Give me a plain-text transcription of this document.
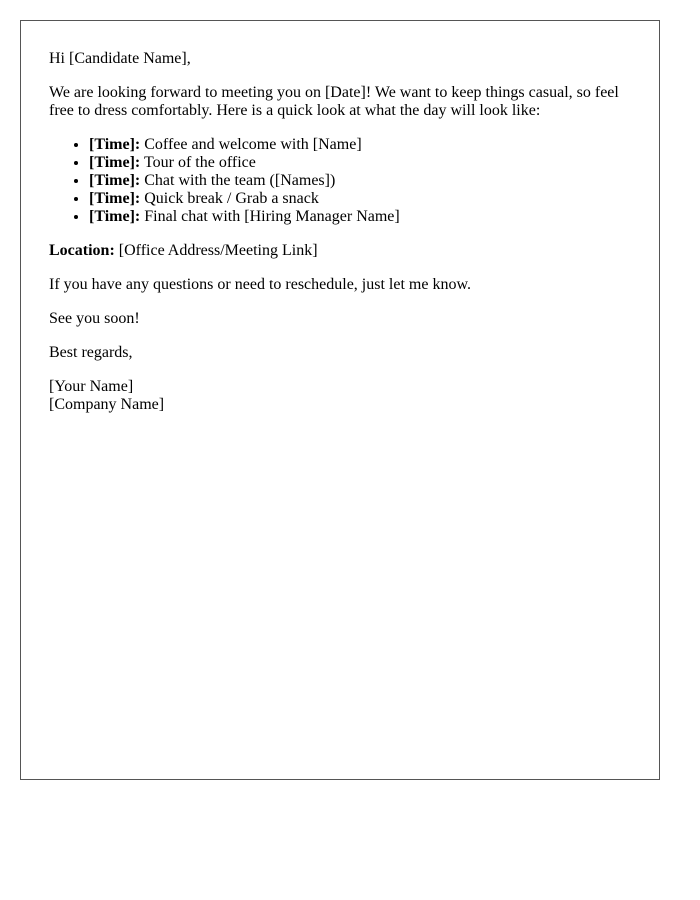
Hi [Candidate Name],

We are looking forward to meeting you on [Date]! We want to keep things casual, so feel free to dress comfortably. Here is a quick look at what the day will look like:

• [Time]: Coffee and welcome with [Name]
• [Time]: Tour of the office
• [Time]: Chat with the team ([Names])
• [Time]: Quick break / Grab a snack
• [Time]: Final chat with [Hiring Manager Name]

Location: [Office Address/Meeting Link]

If you have any questions or need to reschedule, just let me know.

See you soon!

Best regards,

[Your Name]

[Company Name]
